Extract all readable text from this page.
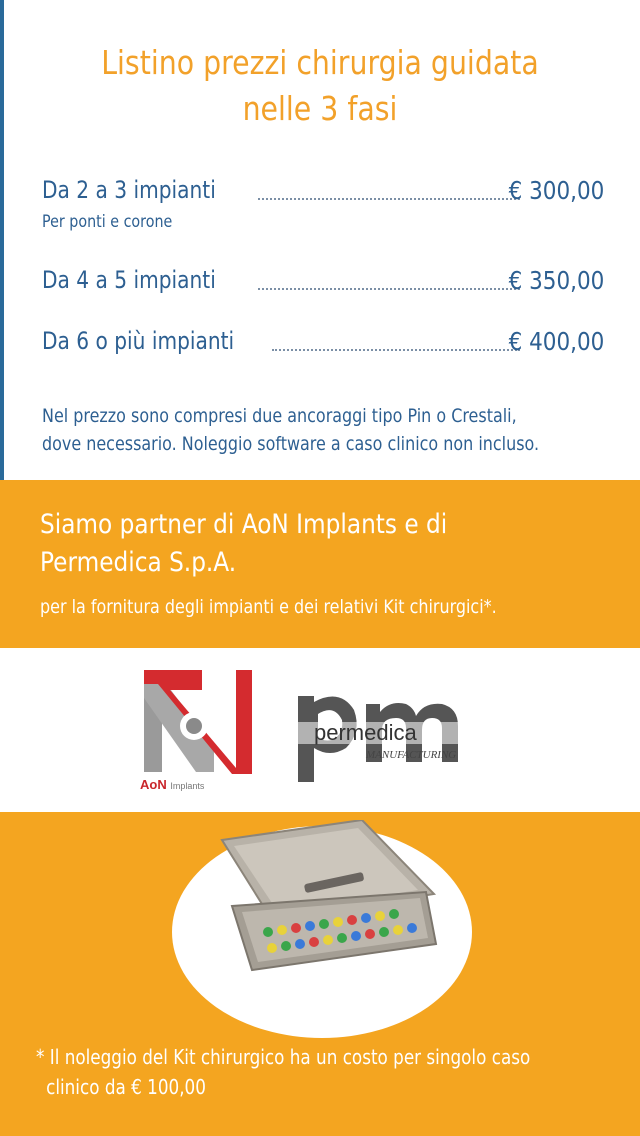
Listino prezzi chirurgia guidata
nelle 3 fasi
Da 2 a 3 impianti	€ 300,00
Per ponti e corone
Da 4 a 5 impianti	€ 350,00
Da 6 o più impianti	€ 400,00

Nel prezzo sono compresi due ancoraggi tipo Pin o Crestali,

dove necessario. Noleggio software a caso clinico non incluso.

Siamo partner di AoN Implants e di

Permedica S.p.A.

per la fornitura degli impianti e dei relativi Kit chirurgici*.
AoN Implants
permedica
MANUFACTURING

* Il noleggio del Kit chirurgico ha un costo per singolo caso

clinico da € 100,00
